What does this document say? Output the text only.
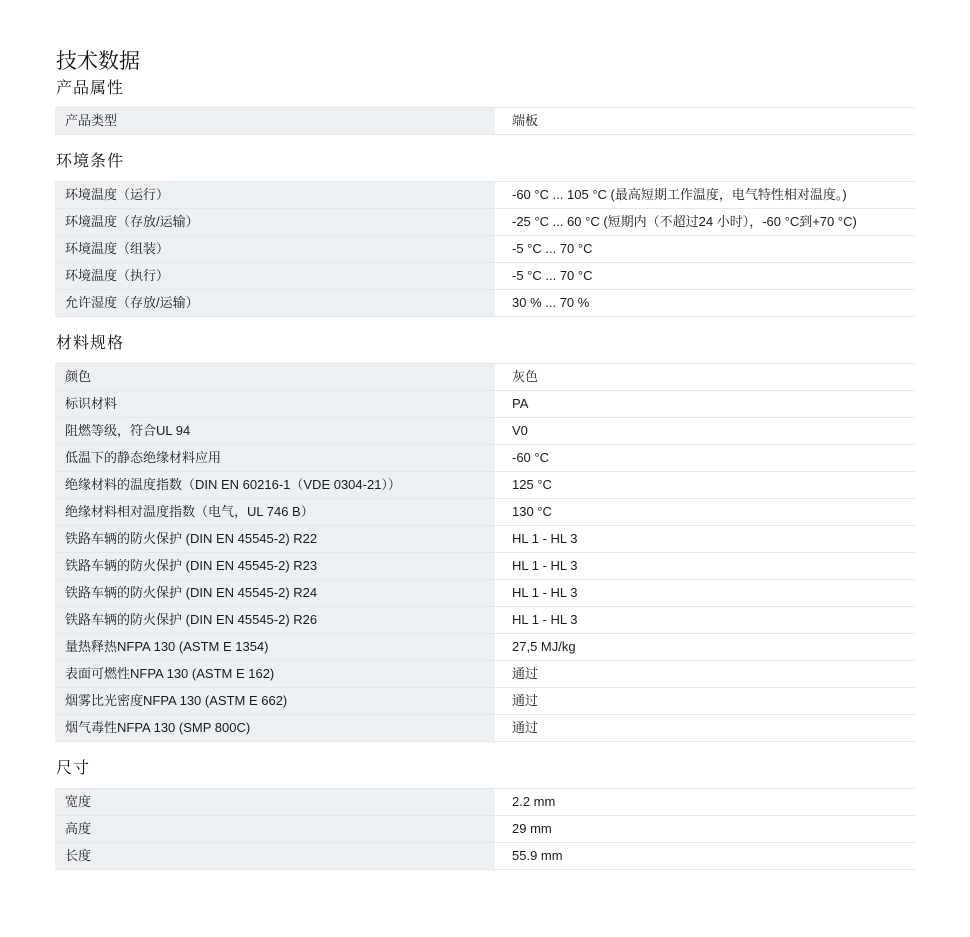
技术数据
产品属性
产品类型	端板
环境条件
环境温度（运行）	-60 °C ... 105 °C (最高短期工作温度，电气特性相对温度。)
环境温度（存放/运输）	-25 °C ... 60 °C (短期内（不超过24 小时），-60 °C到+70 °C)
环境温度（组装）	-5 °C ... 70 °C
环境温度（执行）	-5 °C ... 70 °C
允许湿度（存放/运输）	30 % ... 70 %
材料规格
颜色	灰色
标识材料	PA
阻燃等级，符合UL 94	V0
低温下的静态绝缘材料应用	-60 °C
绝缘材料的温度指数（DIN EN 60216-1（VDE 0304-21））	125 °C
绝缘材料相对温度指数（电气，UL 746 B）	130 °C
铁路车辆的防火保护 (DIN EN 45545-2) R22	HL 1 - HL 3
铁路车辆的防火保护 (DIN EN 45545-2) R23	HL 1 - HL 3
铁路车辆的防火保护 (DIN EN 45545-2) R24	HL 1 - HL 3
铁路车辆的防火保护 (DIN EN 45545-2) R26	HL 1 - HL 3
量热释热NFPA 130 (ASTM E 1354)	27,5 MJ/kg
表面可燃性NFPA 130 (ASTM E 162)	通过
烟雾比光密度NFPA 130 (ASTM E 662)	通过
烟气毒性NFPA 130 (SMP 800C)	通过
尺寸
宽度	2.2 mm
高度	29 mm
长度	55.9 mm
